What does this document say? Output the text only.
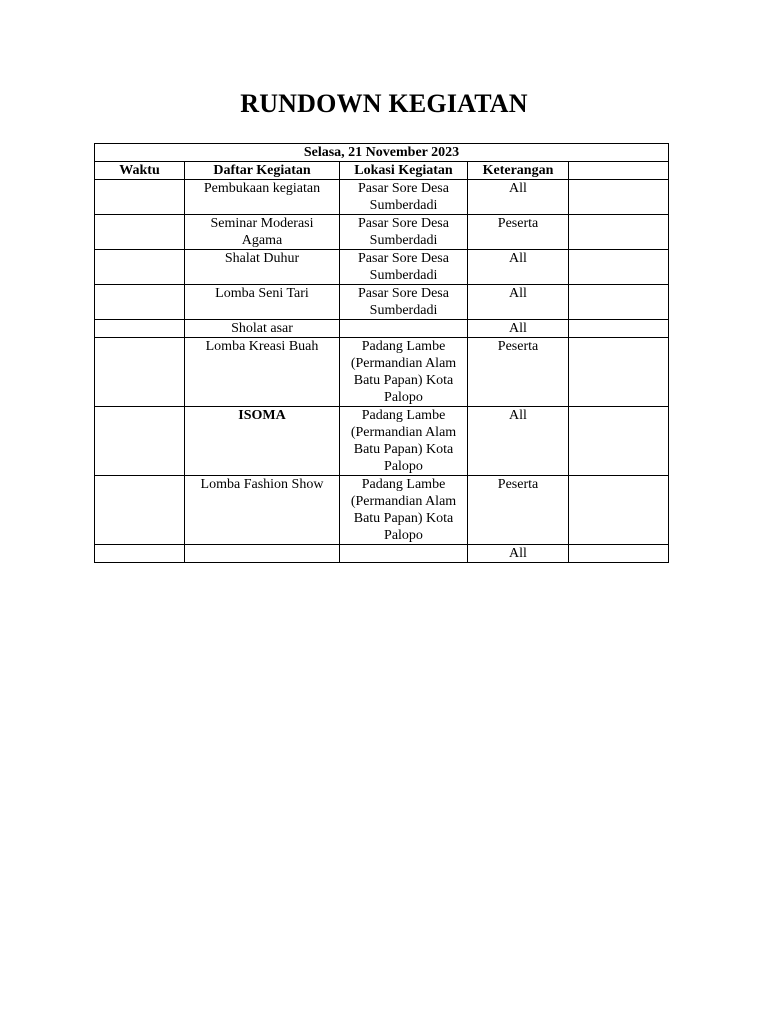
RUNDOWN KEGIATAN
Selasa, 21 November 2023				
Waktu	Daftar Kegiatan	Lokasi Kegiatan	Keterangan	
	Pembukaan kegiatan	Pasar Sore Desa Sumberdadi	All	
	Seminar Moderasi Agama	Pasar Sore Desa Sumberdadi	Peserta	
	Shalat Duhur	Pasar Sore Desa Sumberdadi	All	
	Lomba Seni Tari	Pasar Sore Desa Sumberdadi	All	
	Sholat asar		All	
	Lomba Kreasi Buah	Padang Lambe (Permandian Alam Batu Papan) Kota Palopo	Peserta	
	ISOMA	Padang Lambe (Permandian Alam Batu Papan) Kota Palopo	All	
	Lomba Fashion Show	Padang Lambe (Permandian Alam Batu Papan) Kota Palopo	Peserta	
			All	
